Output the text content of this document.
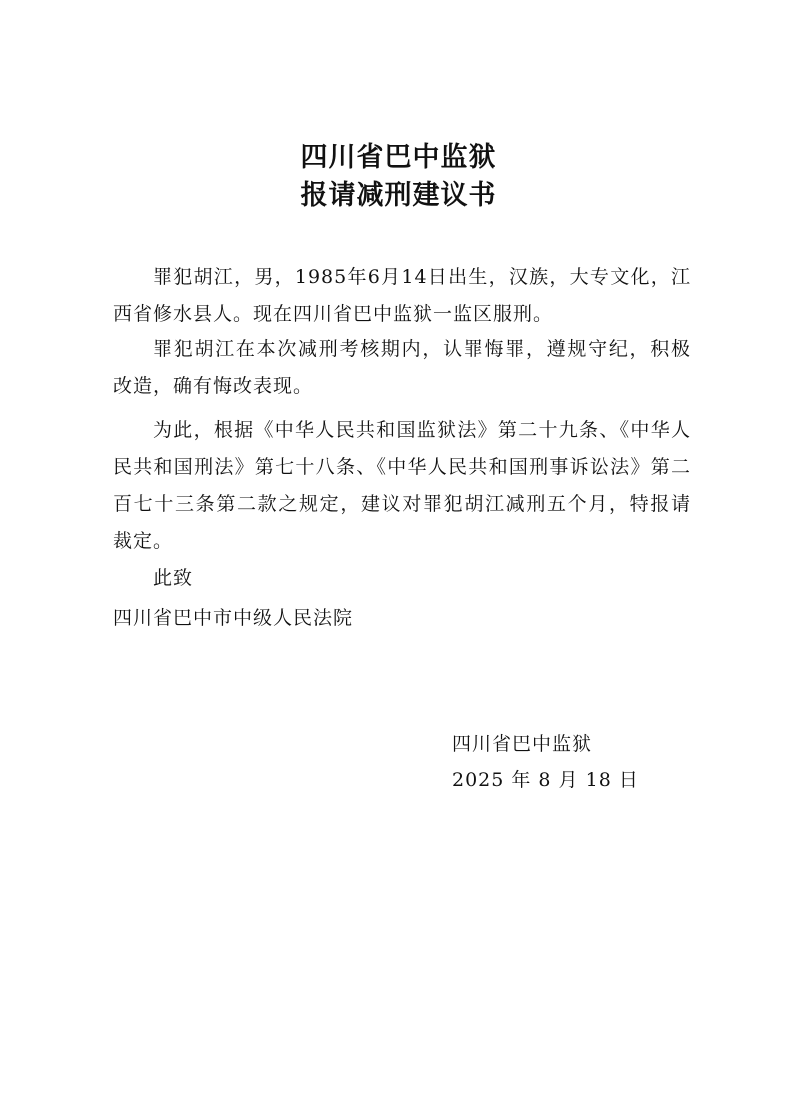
四川省巴中监狱
报请减刑建议书

罪犯胡江，男，1985年6月14日出生，汉族，大专文化，江西省修水县人。现在四川省巴中监狱一监区服刑。

罪犯胡江在本次减刑考核期内，认罪悔罪，遵规守纪，积极改造，确有悔改表现。

为此，根据《中华人民共和国监狱法》第二十九条、《中华人民共和国刑法》第七十八条、《中华人民共和国刑事诉讼法》第二百七十三条第二款之规定，建议对罪犯胡江减刑五个月，特报请裁定。

此致

四川省巴中市中级人民法院

四川省巴中监狱

2025 年 8 月 18 日
